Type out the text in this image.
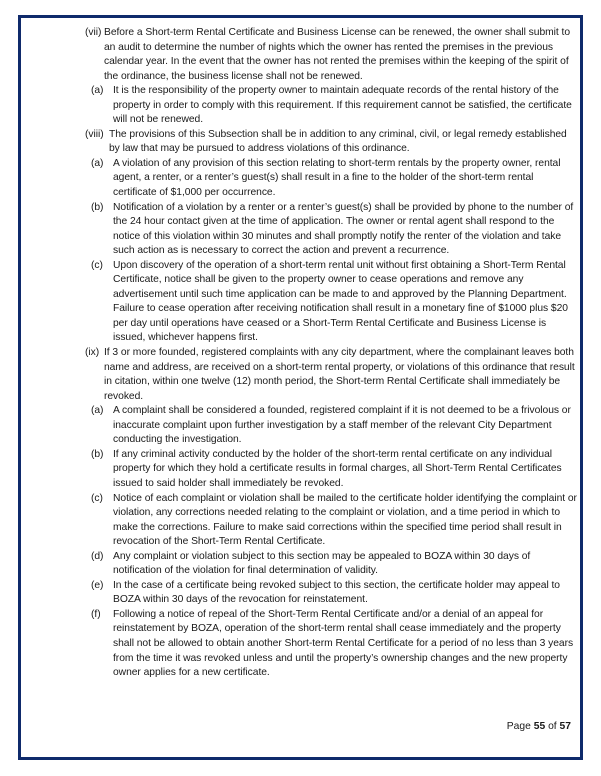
(vii) Before a Short-term Rental Certificate and Business License can be renewed, the owner shall submit to an audit to determine the number of nights which the owner has rented the premises in the previous calendar year. In the event that the owner has not rented the premises within the keeping of the spirit of the ordinance, the business license shall not be renewed.

(a) It is the responsibility of the property owner to maintain adequate records of the rental history of the property in order to comply with this requirement. If this requirement cannot be satisfied, the certificate will not be renewed.

(viii) The provisions of this Subsection shall be in addition to any criminal, civil, or legal remedy established by law that may be pursued to address violations of this ordinance.

(a) A violation of any provision of this section relating to short-term rentals by the property owner, rental agent, a renter, or a renter’s guest(s) shall result in a fine to the holder of the short-term rental certificate of $1,000 per occurrence.

(b) Notification of a violation by a renter or a renter’s guest(s) shall be provided by phone to the number of the 24 hour contact given at the time of application. The owner or rental agent shall respond to the notice of this violation within 30 minutes and shall promptly notify the renter of the violation and take such action as is necessary to correct the action and prevent a recurrence.

(c) Upon discovery of the operation of a short-term rental unit without first obtaining a Short-Term Rental Certificate, notice shall be given to the property owner to cease operations and remove any advertisement until such time application can be made to and approved by the Planning Department. Failure to cease operation after receiving notification shall result in a monetary fine of $1000 plus $20 per day until operations have ceased or a Short-Term Rental Certificate and Business License is issued, whichever happens first.

(ix) If 3 or more founded, registered complaints with any city department, where the complainant leaves both name and address, are received on a short-term rental property, or violations of this ordinance that result in citation, within one twelve (12) month period, the Short-term Rental Certificate shall immediately be revoked.

(a) A complaint shall be considered a founded, registered complaint if it is not deemed to be a frivolous or inaccurate complaint upon further investigation by a staff member of the relevant City Department conducting the investigation.

(b) If any criminal activity conducted by the holder of the short-term rental certificate on any individual property for which they hold a certificate results in formal charges, all Short-Term Rental Certificates issued to said holder shall immediately be revoked.

(c) Notice of each complaint or violation shall be mailed to the certificate holder identifying the complaint or violation, any corrections needed relating to the complaint or violation, and a time period in which to make the corrections. Failure to make said corrections within the specified time period shall result in revocation of the Short-Term Rental Certificate.

(d) Any complaint or violation subject to this section may be appealed to BOZA within 30 days of notification of the violation for final determination of validity.

(e) In the case of a certificate being revoked subject to this section, the certificate holder may appeal to BOZA within 30 days of the revocation for reinstatement.

(f) Following a notice of repeal of the Short-Term Rental Certificate and/or a denial of an appeal for reinstatement by BOZA, operation of the short-term rental shall cease immediately and the property shall not be allowed to obtain another Short-term Rental Certificate for a period of no less than 3 years from the time it was revoked unless and until the property’s ownership changes and the new property owner applies for a new certificate.

Page 55 of 57
